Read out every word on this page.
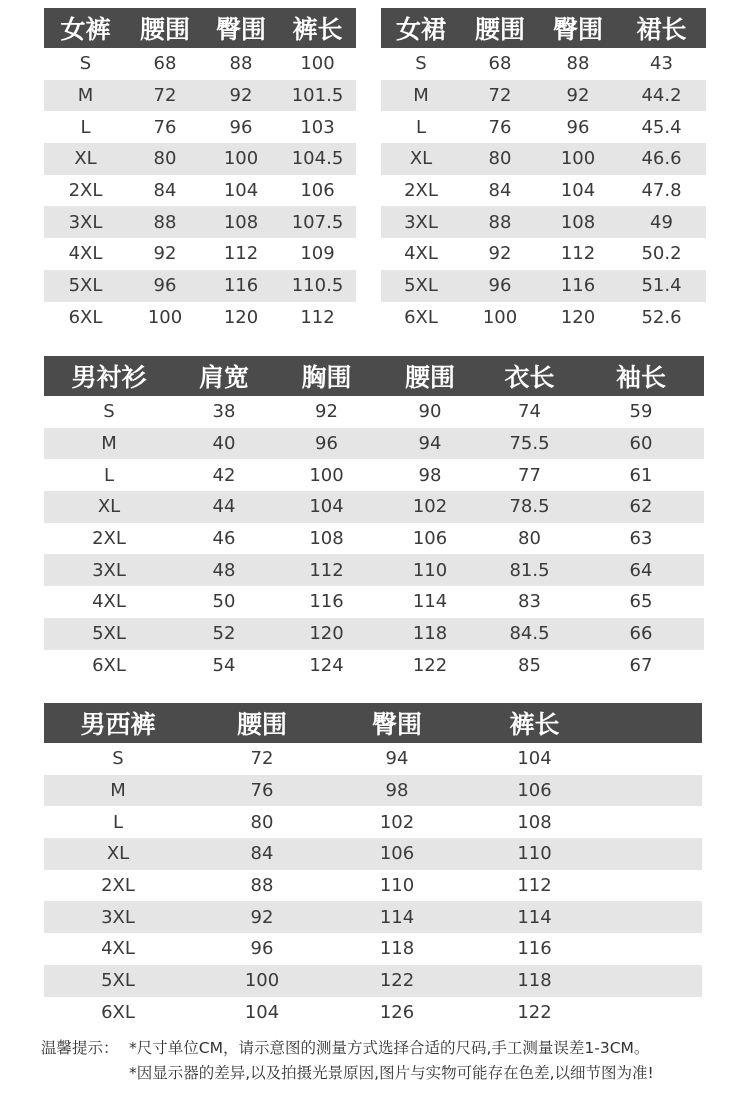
女裤	腰围	臀围	裤长
S	68	88	100
M	72	92	101.5
L	76	96	103
XL	80	100	104.5
2XL	84	104	106
3XL	88	108	107.5
4XL	92	112	109
5XL	96	116	110.5
6XL	100	120	112
女裙	腰围	臀围	裙长
S	68	88	43
M	72	92	44.2
L	76	96	45.4
XL	80	100	46.6
2XL	84	104	47.8
3XL	88	108	49
4XL	92	112	50.2
5XL	96	116	51.4
6XL	100	120	52.6
男衬衫	肩宽	胸围	腰围	衣长	袖长
S	38	92	90	74	59
M	40	96	94	75.5	60
L	42	100	98	77	61
XL	44	104	102	78.5	62
2XL	46	108	106	80	63
3XL	48	112	110	81.5	64
4XL	50	116	114	83	65
5XL	52	120	118	84.5	66
6XL	54	124	122	85	67
男西裤	腰围	臀围	裤长
S	72	94	104
M	76	98	106
L	80	102	108
XL	84	106	110
2XL	88	110	112
3XL	92	114	114
4XL	96	118	116
5XL	100	122	118
6XL	104	126	122
温馨提示： *尺寸单位CM，请示意图的测量方式选择合适的尺码,手工测量误差1-3CM。
*因显示器的差异,以及拍摄光景原因,图片与实物可能存在色差,以细节图为准!
